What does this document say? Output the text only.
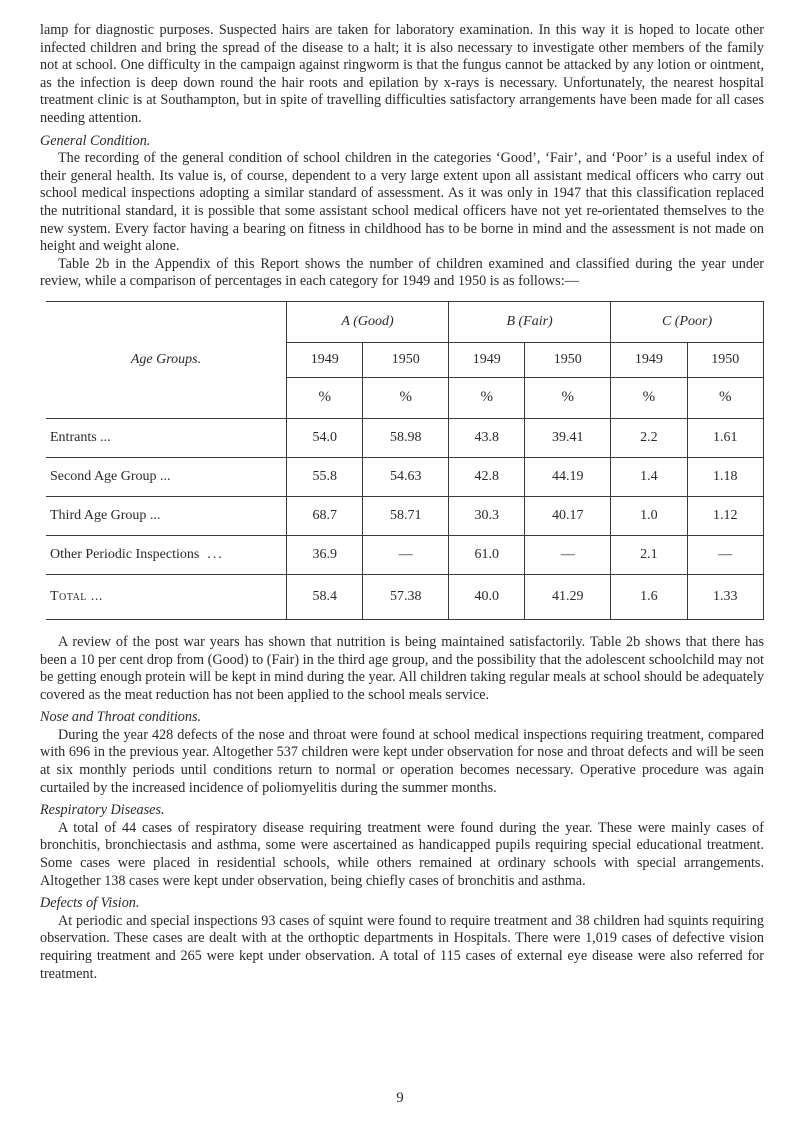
lamp for diagnostic purposes. Suspected hairs are taken for laboratory examination. In this way it is hoped to locate other infected children and bring the spread of the disease to a halt; it is also necessary to investigate other members of the family not at school. One difficulty in the campaign against ringworm is that the fungus cannot be attacked by any lotion or ointment, as the infection is deep down round the hair roots and epilation by x-rays is necessary. Unfortunately, the nearest hospital treatment clinic is at Southampton, but in spite of travelling difficulties satisfactory arrangements have been made for all cases needing attention.

General Condition.

The recording of the general condition of school children in the categories ‘Good’, ‘Fair’, and ‘Poor’ is a useful index of their general health. Its value is, of course, dependent to a very large extent upon all assistant medical officers who carry out school medical inspections adopting a similar standard of assessment. As it was only in 1947 that this classification replaced the nutritional standard, it is possible that some assistant school medical officers have not yet re-orientated themselves to the new system. Every factor having a bearing on fitness in childhood has to be borne in mind and the assessment is not made on height and weight alone.

Table 2b in the Appendix of this Report shows the number of children examined and classified during the year under review, while a comparison of percentages in each category for 1949 and 1950 is as follows:—

Age Groups.	A (Good)		B (Fair)		C (Poor)	
	1949	1950	1949	1950	1949	1950
	%	%	%	%	%	%
Entrants ...	54.0	58.98	43.8	39.41	2.2	1.61
Second Age Group ...	55.8	54.63	42.8	44.19	1.4	1.18
Third Age Group ...	68.7	58.71	30.3	40.17	1.0	1.12
Other Periodic Inspections ...	36.9	—	61.0	—	2.1	—
Total ...	58.4	57.38	40.0	41.29	1.6	1.33

A review of the post war years has shown that nutrition is being maintained satisfactorily. Table 2b shows that there has been a 10 per cent drop from (Good) to (Fair) in the third age group, and the possibility that the adolescent schoolchild may not be getting enough protein will be kept in mind during the year. All children taking regular meals at school should be adequately covered as the meat reduction has not been applied to the school meals service.

Nose and Throat conditions.

During the year 428 defects of the nose and throat were found at school medical inspections requiring treatment, compared with 696 in the previous year. Altogether 537 children were kept under observation for nose and throat defects and will be seen at six monthly periods until conditions return to normal or operation becomes necessary. Operative procedure was again curtailed by the increased incidence of poliomyelitis during the summer months.

Respiratory Diseases.

A total of 44 cases of respiratory disease requiring treatment were found during the year. These were mainly cases of bronchitis, bronchiectasis and asthma, some were ascertained as handicapped pupils requiring special educational treatment. Some cases were placed in residential schools, while others remained at ordinary schools with special arrangements. Altogether 138 cases were kept under observation, being chiefly cases of bronchitis and asthma.

Defects of Vision.

At periodic and special inspections 93 cases of squint were found to require treatment and 38 children had squints requiring observation. These cases are dealt with at the orthoptic departments in Hospitals. There were 1,019 cases of defective vision requiring treatment and 265 were kept under observation. A total of 115 cases of external eye disease were also referred for treatment.

9
